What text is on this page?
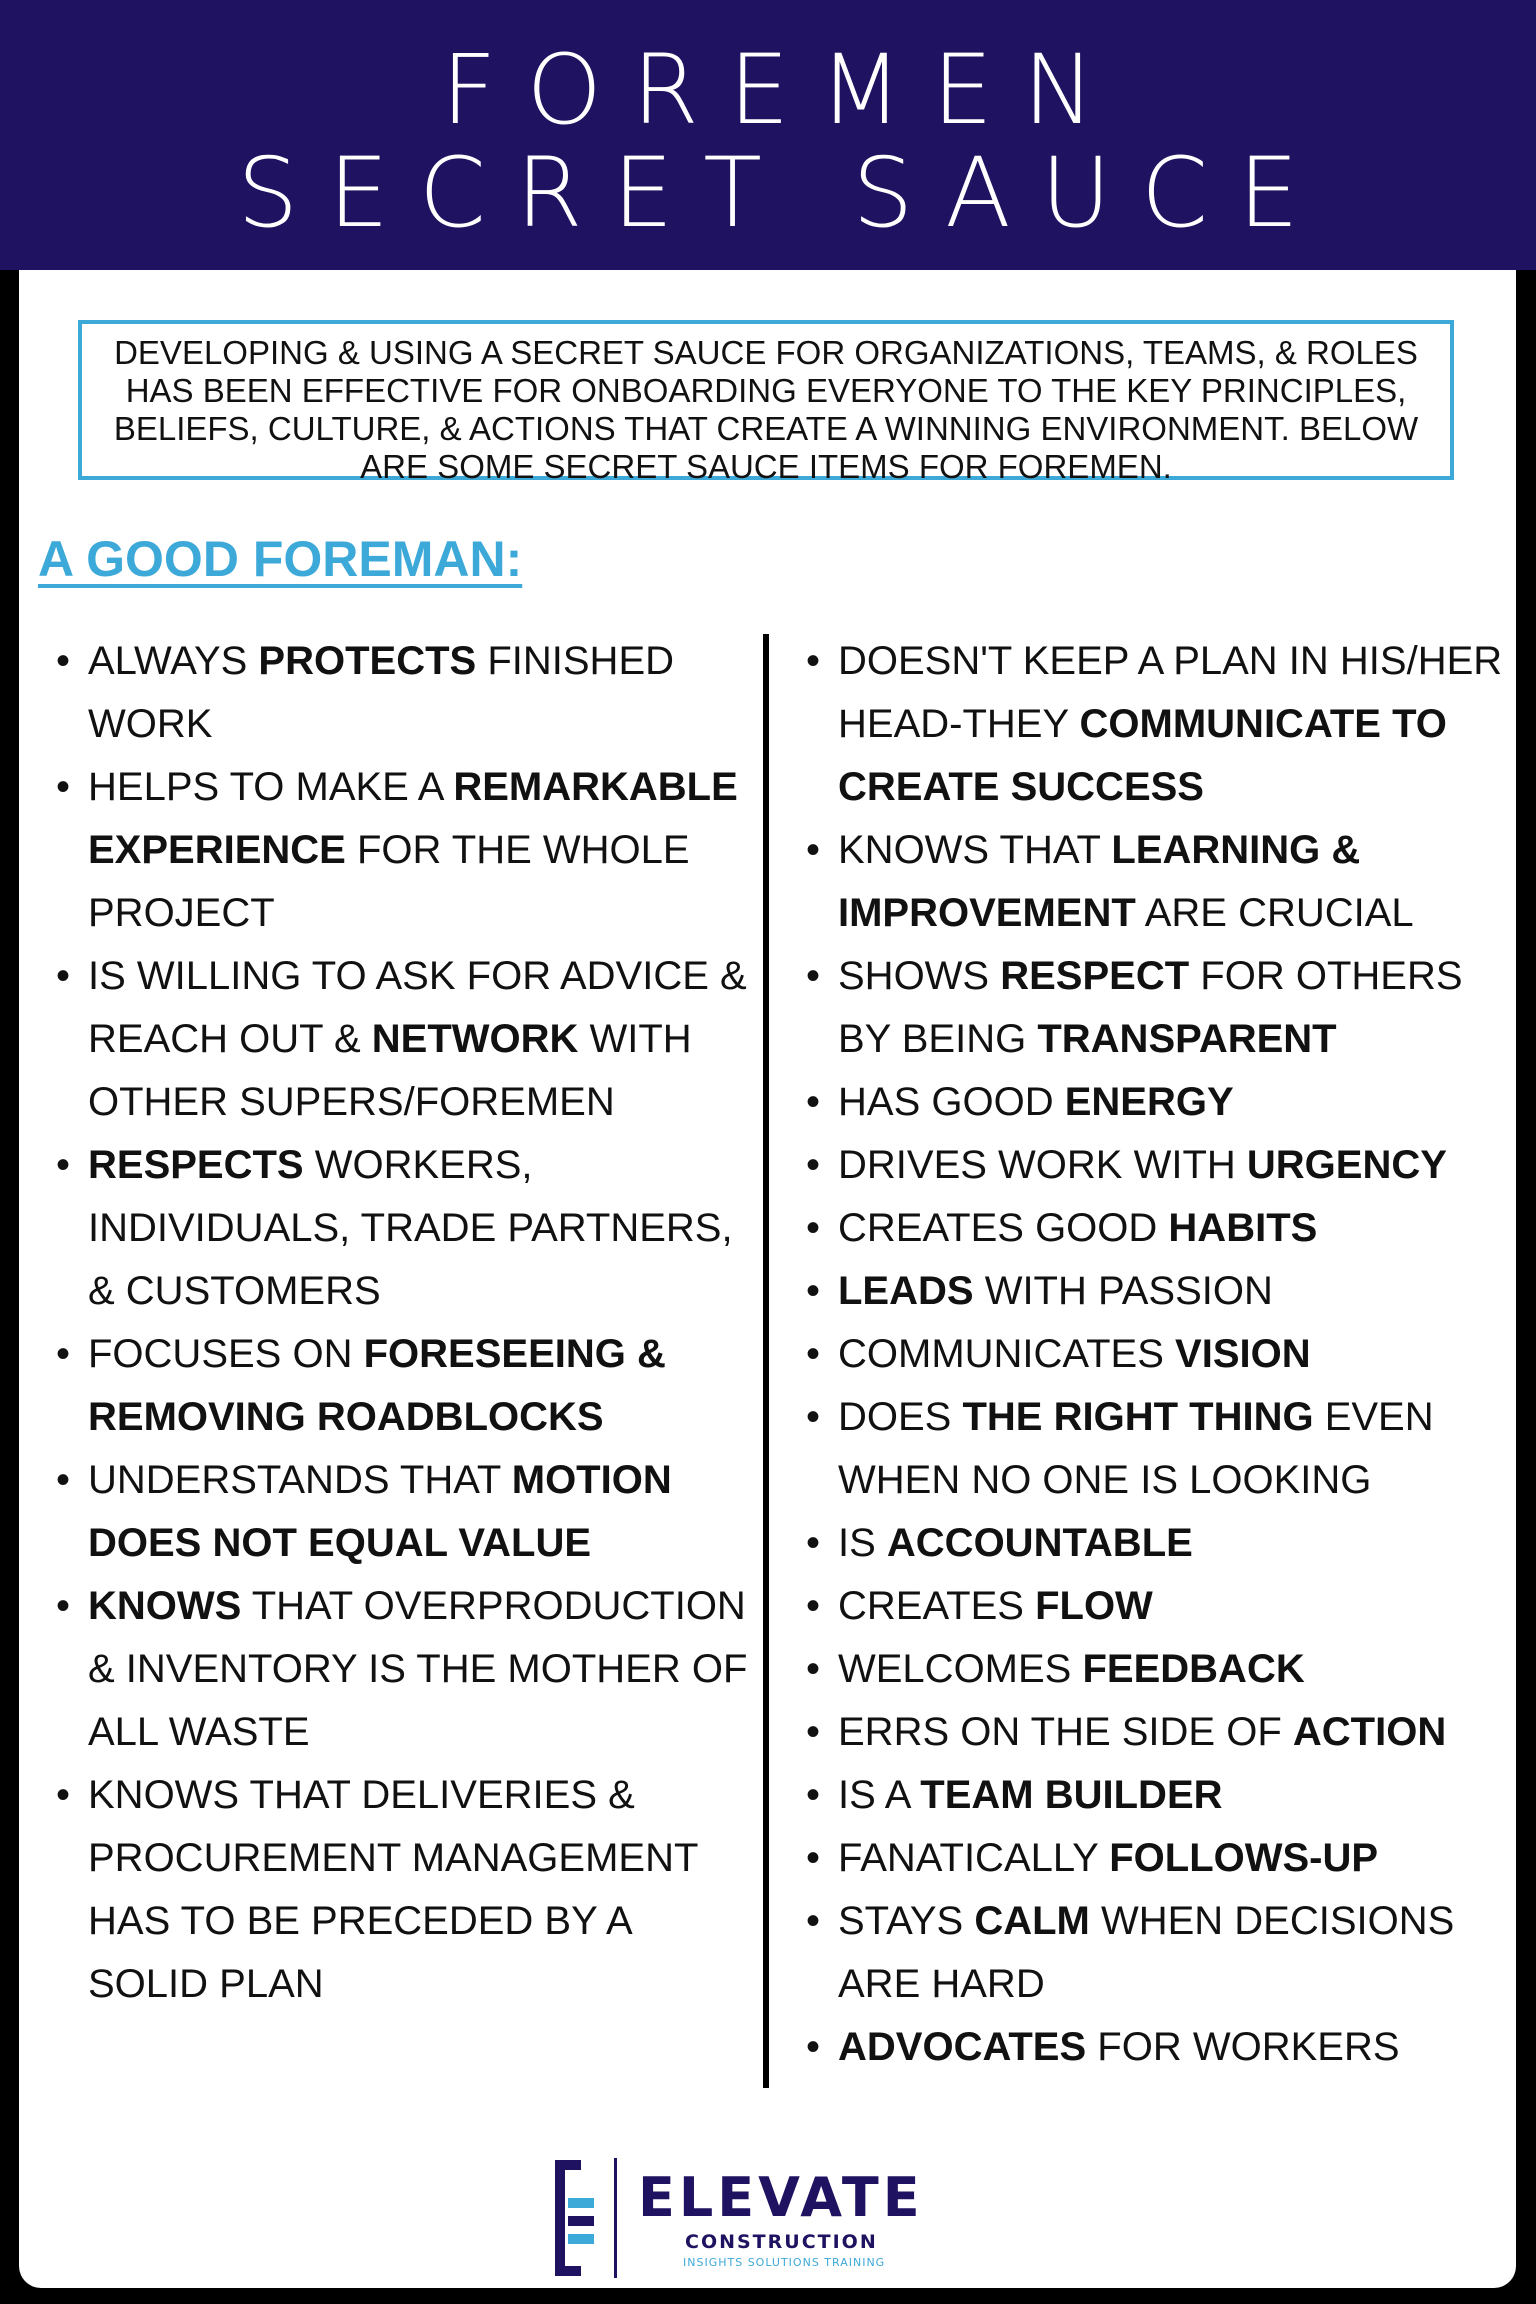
FOREMEN
SECRET SAUCE
DEVELOPING & USING A SECRET SAUCE FOR ORGANIZATIONS, TEAMS, & ROLES HAS BEEN EFFECTIVE FOR ONBOARDING EVERYONE TO THE KEY PRINCIPLES, BELIEFS, CULTURE, & ACTIONS THAT CREATE A WINNING ENVIRONMENT. BELOW ARE SOME SECRET SAUCE ITEMS FOR FOREMEN.
A GOOD FOREMAN:
• ALWAYS PROTECTS FINISHED WORK
• HELPS TO MAKE A REMARKABLE EXPERIENCE FOR THE WHOLE PROJECT
• IS WILLING TO ASK FOR ADVICE & REACH OUT & NETWORK WITH OTHER SUPERS/FOREMEN
• RESPECTS WORKERS, INDIVIDUALS, TRADE PARTNERS, & CUSTOMERS
• FOCUSES ON FORESEEING & REMOVING ROADBLOCKS
• UNDERSTANDS THAT MOTION DOES NOT EQUAL VALUE
• KNOWS THAT OVERPRODUCTION & INVENTORY IS THE MOTHER OF ALL WASTE
• KNOWS THAT DELIVERIES & PROCUREMENT MANAGEMENT HAS TO BE PRECEDED BY A SOLID PLAN
• DOESN'T KEEP A PLAN IN HIS/HER HEAD-THEY COMMUNICATE TO CREATE SUCCESS
• KNOWS THAT LEARNING & IMPROVEMENT ARE CRUCIAL
• SHOWS RESPECT FOR OTHERS BY BEING TRANSPARENT
• HAS GOOD ENERGY
• DRIVES WORK WITH URGENCY
• CREATES GOOD HABITS
• LEADS WITH PASSION
• COMMUNICATES VISION
• DOES THE RIGHT THING EVEN WHEN NO ONE IS LOOKING
• IS ACCOUNTABLE
• CREATES FLOW
• WELCOMES FEEDBACK
• ERRS ON THE SIDE OF ACTION
• IS A TEAM BUILDER
• FANATICALLY FOLLOWS-UP
• STAYS CALM WHEN DECISIONS ARE HARD
• ADVOCATES FOR WORKERS
ELEVATE
CONSTRUCTION
INSIGHTS SOLUTIONS TRAINING
